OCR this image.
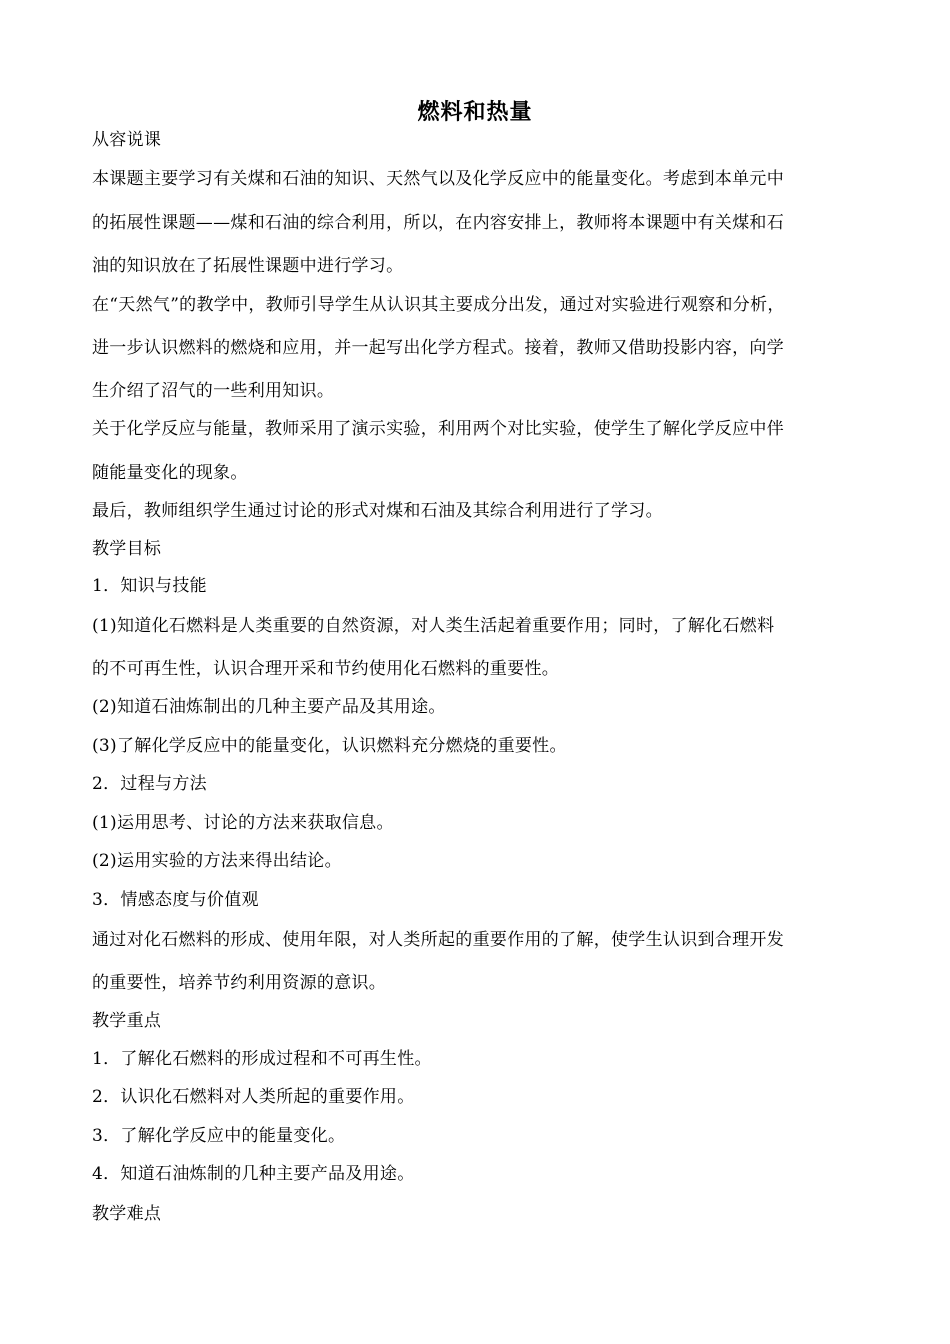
燃料和热量
从容说课
本课题主要学习有关煤和石油的知识、天然气以及化学反应中的能量变化。考虑到本单元中
的拓展性课题——煤和石油的综合利用，所以，在内容安排上，教师将本课题中有关煤和石
油的知识放在了拓展性课题中进行学习。
在“天然气”的教学中，教师引导学生从认识其主要成分出发，通过对实验进行观察和分析，
进一步认识燃料的燃烧和应用，并一起写出化学方程式。接着，教师又借助投影内容，向学
生介绍了沼气的一些利用知识。
关于化学反应与能量，教师采用了演示实验，利用两个对比实验，使学生了解化学反应中伴
随能量变化的现象。
最后，教师组织学生通过讨论的形式对煤和石油及其综合利用进行了学习。
教学目标
1．知识与技能
(1)知道化石燃料是人类重要的自然资源，对人类生活起着重要作用；同时，了解化石燃料
的不可再生性，认识合理开采和节约使用化石燃料的重要性。
(2)知道石油炼制出的几种主要产品及其用途。
(3)了解化学反应中的能量变化，认识燃料充分燃烧的重要性。
2．过程与方法
(1)运用思考、讨论的方法来获取信息。
(2)运用实验的方法来得出结论。
3．情感态度与价值观
通过对化石燃料的形成、使用年限，对人类所起的重要作用的了解，使学生认识到合理开发
的重要性，培养节约利用资源的意识。
教学重点
1．了解化石燃料的形成过程和不可再生性。
2．认识化石燃料对人类所起的重要作用。
3．了解化学反应中的能量变化。
4．知道石油炼制的几种主要产品及用途。
教学难点
